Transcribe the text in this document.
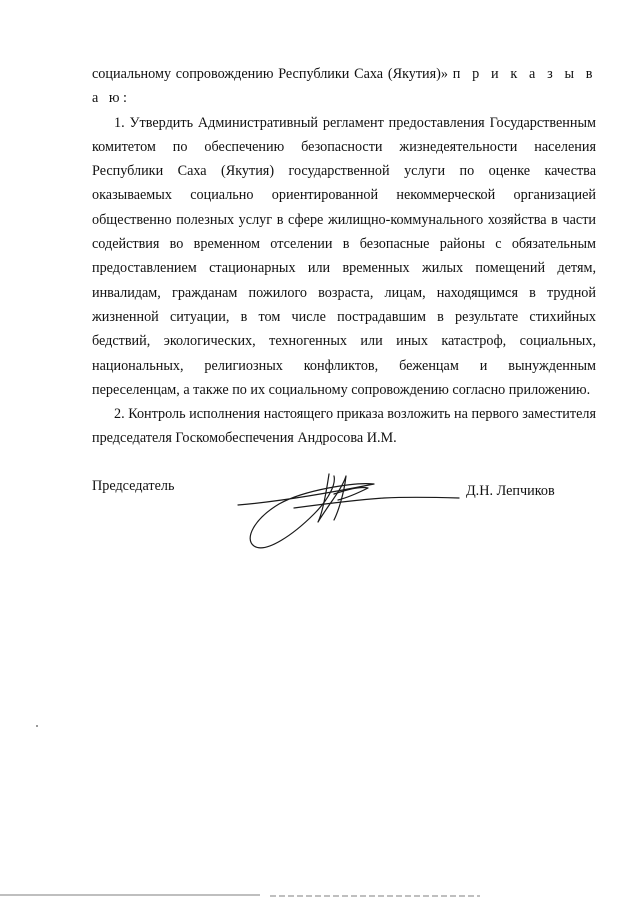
социальному сопровождению Республики Саха (Якутия)» п р и к а з ы в а ю:

1. Утвердить Административный регламент предоставления Государственным комитетом по обеспечению безопасности жизнедеятельности населения Республики Саха (Якутия) государственной услуги по оценке качества оказываемых социально ориентированной некоммерческой организацией общественно полезных услуг в сфере жилищно-коммунального хозяйства в части содействия во временном отселении в безопасные районы с обязательным предоставлением стационарных или временных жилых помещений детям, инвалидам, гражданам пожилого возраста, лицам, находящимся в трудной жизненной ситуации, в том числе пострадавшим в результате стихийных бедствий, экологических, техногенных или иных катастроф, социальных, национальных, религиозных конфликтов, беженцам и вынужденным переселенцам, а также по их социальному сопровождению согласно приложению.

2. Контроль исполнения настоящего приказа возложить на первого заместителя председателя Госкомобеспечения Андросова И.М.

Председатель	Д.Н. Лепчиков
